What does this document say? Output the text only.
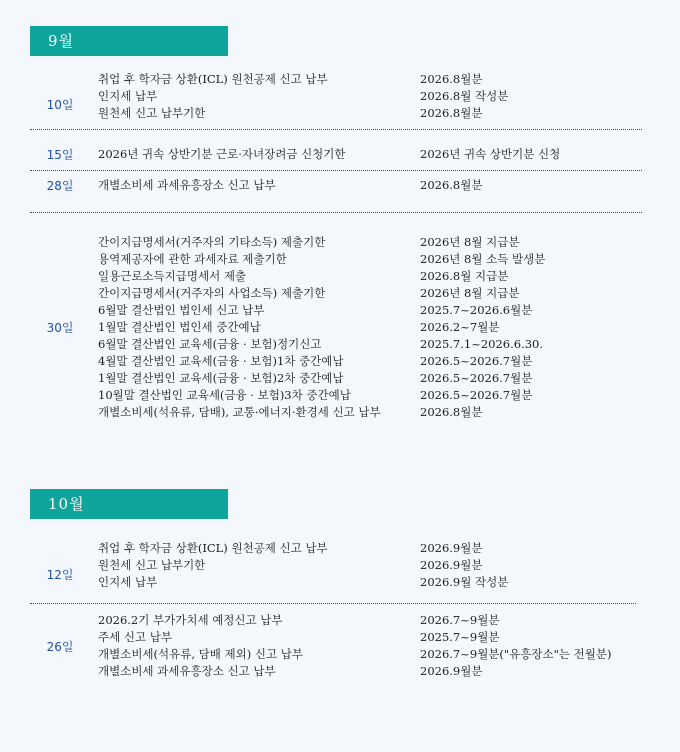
9월
10일
취업 후 학자금 상환(ICL) 원천공제 신고 납부	2026.8월분
인지세 납부	2026.8월 작성분
원천세 신고 납부기한	2026.8월분
15일	2026년 귀속 상반기분 근로·자녀장려금 신청기한	2026년 귀속 상반기분 신청
28일	개별소비세 과세유흥장소 신고 납부	2026.8월분
30일
간이지급명세서(거주자의 기타소득) 제출기한	2026년 8월 지급분
용역제공자에 관한 과세자료 제출기한	2026년 8월 소득 발생분
일용근로소득지급명세서 제출	2026.8월 지급분
간이지급명세서(거주자의 사업소득) 제출기한	2026년 8월 지급분
6월말 결산법인 법인세 신고 납부	2025.7~2026.6월분
1월말 결산법인 법인세 중간예납	2026.2~7월분
6월말 결산법인 교육세(금융 · 보험)정기신고	2025.7.1~2026.6.30.
4월말 결산법인 교육세(금융 · 보험)1차 중간예납	2026.5~2026.7월분
1월말 결산법인 교육세(금융 · 보험)2차 중간예납	2026.5~2026.7월분
10월말 결산법인 교육세(금융 · 보험)3차 중간예납	2026.5~2026.7월분
개별소비세(석유류, 담배), 교통·에너지·환경세 신고 납부	2026.8월분
10월
12일
취업 후 학자금 상환(ICL) 원천공제 신고 납부	2026.9월분
원천세 신고 납부기한	2026.9월분
인지세 납부	2026.9월 작성분
26일
2026.2기 부가가치세 예정신고 납부	2026.7~9월분
주세 신고 납부	2025.7~9월분
개별소비세(석유류, 담배 제외) 신고 납부	2026.7~9월분("유흥장소"는 전월분)
개별소비세 과세유흥장소 신고 납부	2026.9월분
